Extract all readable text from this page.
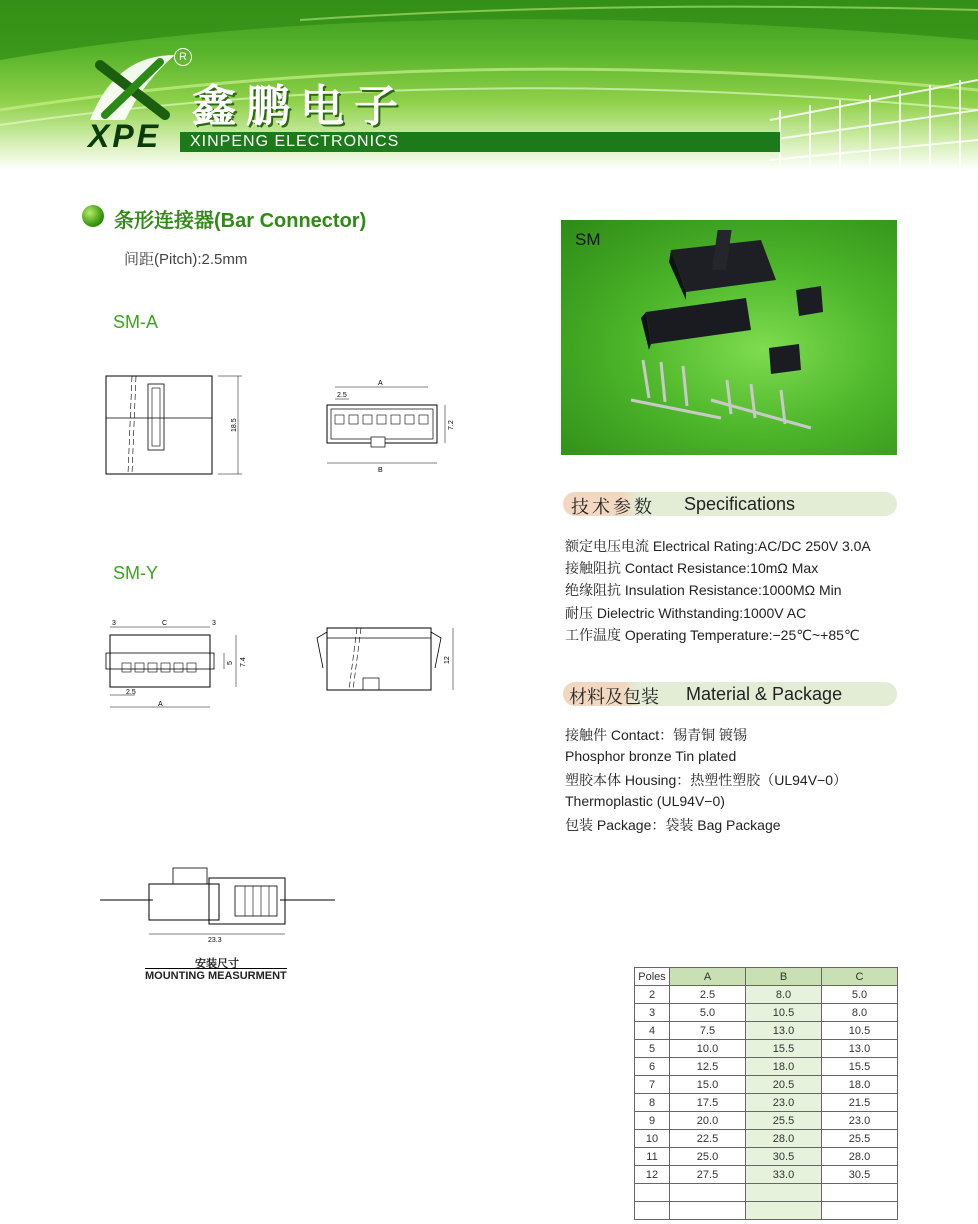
R
XPE
鑫鹏电子
XINPENG ELECTRONICS
条形连接器(Bar Connector)
间距(Pitch):2.5mm
SM-A
18.5
A
2.5
B
7.2
SM-Y
3	C	3
2.5
A
5 7.4	12
23.3
安装尺寸
MOUNTING MEASURMENT
SM
技术参数 Specifications
额定电压电流 Electrical Rating:AC/DC 250V 3.0A
接触阻抗 Contact Resistance:10mΩ Max
绝缘阻抗 Insulation Resistance:1000MΩ Min
耐压 Dielectric Withstanding:1000V AC
工作温度 Operating Temperature:−25℃~+85℃
材料及包装 Material & Package
接触件 Contact：锡青铜 镀锡
Phosphor bronze Tin plated
塑胶本体 Housing：热塑性塑胶（UL94V−0）
Thermoplastic (UL94V−0)
包装 Package：袋装 Bag Package
Poles	A	B	C
2	2.5	8.0	5.0
3	5.0	10.5	8.0
4	7.5	13.0	10.5
5	10.0	15.5	13.0
6	12.5	18.0	15.5
7	15.0	20.5	18.0
8	17.5	23.0	21.5
9	20.0	25.5	23.0
10	22.5	28.0	25.5
11	25.0	30.5	28.0
12	27.5	33.0	30.5
